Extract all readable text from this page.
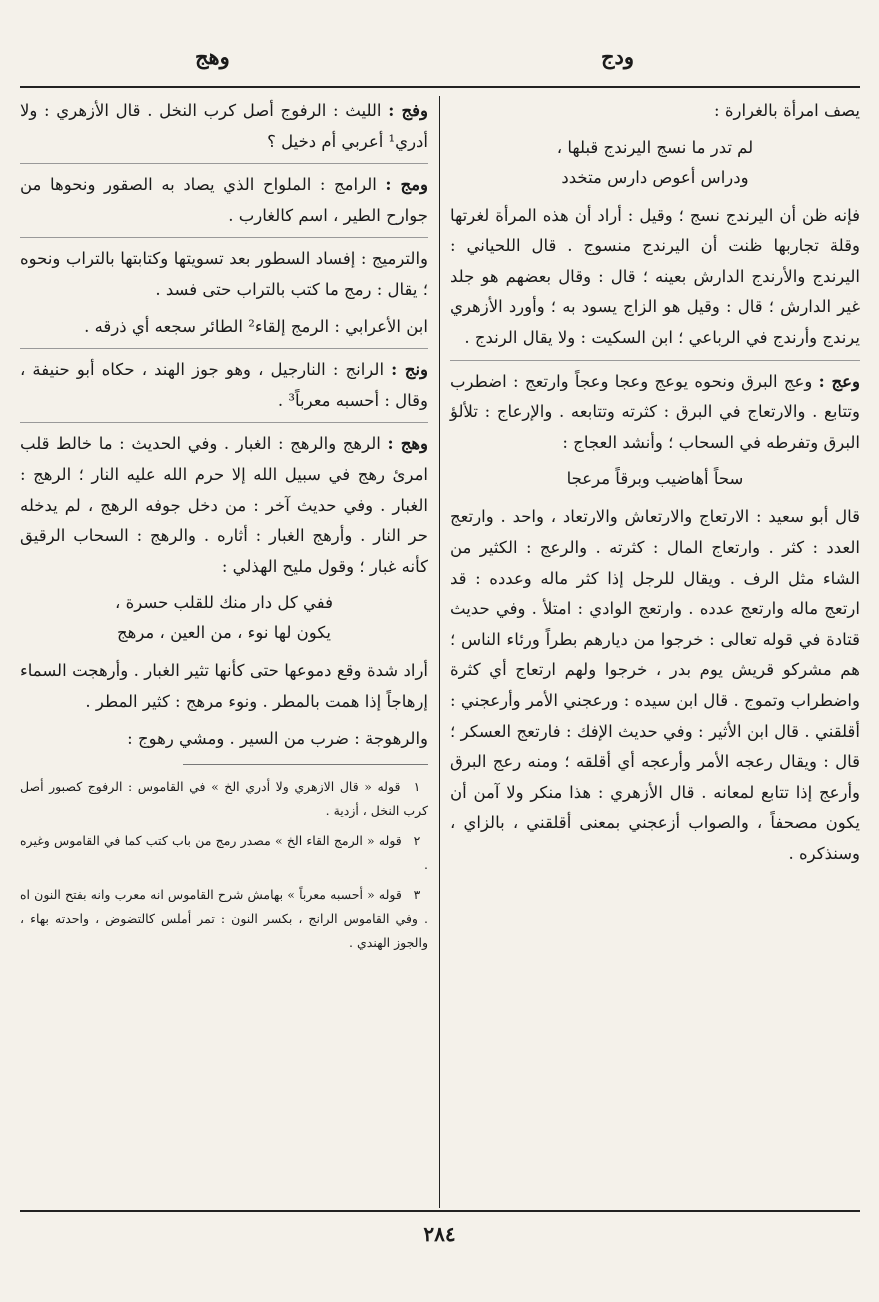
ودج
وهج

يصف امرأة بالغرارة :

لم تدر ما نسج اليرندج قبلها ،
ودراس أعوص دارس متخدد

فإنه ظن أن اليرندج نسج ؛ وقيل : أراد أن هذه المرأة لغرتها وقلة تجاربها ظنت أن اليرندج منسوج . قال اللحياني : اليرندج والأرندج الدارش بعينه ؛ قال : وقال بعضهم هو جلد غير الدارش ؛ قال : وقيل هو الزاج يسود به ؛ وأورد الأزهري يرندج وأرندج في الرباعي ؛ ابن السكيت : ولا يقال الرندج .

وعج : وعج البرق ونحوه يوعج وعجا وعجاً وارتعج : اضطرب وتتابع . والارتعاج في البرق : كثرته وتتابعه . والإرعاج : تلألؤ البرق وتفرطه في السحاب ؛ وأنشد العجاج :

سحاً أهاضيب وبرقاً مرعجا

قال أبو سعيد : الارتعاج والارتعاش والارتعاد ، واحد . وارتعج العدد : كثر . وارتعاج المال : كثرته . والرعج : الكثير من الشاء مثل الرف . ويقال للرجل إذا كثر ماله وعدده : قد ارتعج ماله وارتعج عدده . وارتعج الوادي : امتلأ . وفي حديث قتادة في قوله تعالى : خرجوا من ديارهم بطراً ورئاء الناس ؛ هم مشركو قريش يوم بدر ، خرجوا ولهم ارتعاج أي كثرة واضطراب وتموج . قال ابن سيده : ورعجني الأمر وأرعجني : أقلقني . قال ابن الأثير : وفي حديث الإفك : فارتعج العسكر ؛ قال : ويقال رعجه الأمر وأرعجه أي أقلقه ؛ ومنه رعج البرق وأرعج إذا تتابع لمعانه . قال الأزهري : هذا منكر ولا آمن أن يكون مصحفاً ، والصواب أزعجني بمعنى أقلقني ، بالزاي ، وسنذكره .

وفج : الليث : الرفوج أصل كرب النخل . قال الأزهري : ولا أدري¹ أعربي أم دخيل ؟

ومج : الرامج : الملواح الذي يصاد به الصقور ونحوها من جوارح الطير ، اسم كالغارب .

والترميج : إفساد السطور بعد تسويتها وكتابتها بالتراب ونحوه ؛ يقال : رمج ما كتب بالتراب حتى فسد .

ابن الأعرابي : الرمج إلقاء² الطائر سجعه أي ذرقه .

ونج : الرانج : النارجيل ، وهو جوز الهند ، حكاه أبو حنيفة ، وقال : أحسبه معرباً³ .

وهج : الرهج والرهج : الغبار . وفي الحديث : ما خالط قلب امرئ رهج في سبيل الله إلا حرم الله عليه النار ؛ الرهج : الغبار . وفي حديث آخر : من دخل جوفه الرهج ، لم يدخله حر النار . وأرهج الغبار : أثاره . والرهج : السحاب الرقيق كأنه غبار ؛ وقول مليح الهذلي :

ففي كل دار منك للقلب حسرة ،
يكون لها نوء ، من العين ، مرهج

أراد شدة وقع دموعها حتى كأنها تثير الغبار . وأرهجت السماء إرهاجاً إذا همت بالمطر . ونوء مرهج : كثير المطر .

والرهوجة : ضرب من السير . ومشي رهوج :

١ قوله « قال الازهري ولا أدري الخ » في القاموس : الرفوج كصبور أصل كرب النخل ، أزدية .
٢ قوله « الرمج القاء الخ » مصدر رمج من باب كتب كما في القاموس وغيره .
٣ قوله « أحسبه معرباً » بهامش شرح القاموس انه معرب وانه بفتح النون اه . وفي القاموس الرانج ، بكسر النون : تمر أملس كالتضوض ، واحدته بهاء ، والجوز الهندي .
٢٨٤
